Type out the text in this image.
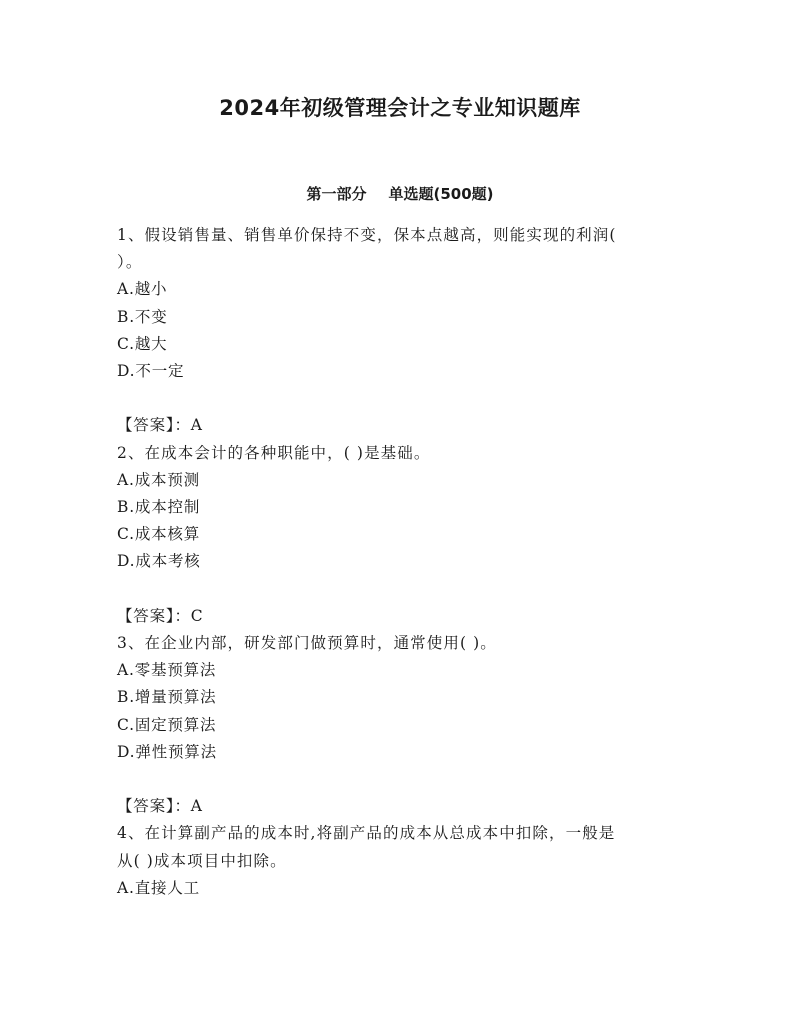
2024年初级管理会计之专业知识题库
第一部分 单选题(500题)

1、假设销售量、销售单价保持不变，保本点越高，则能实现的利润(

）。

A.越小

B.不变

C.越大

D.不一定

【答案】：A

2、在成本会计的各种职能中，( )是基础。

A.成本预测

B.成本控制

C.成本核算

D.成本考核

【答案】：C

3、在企业内部，研发部门做预算时，通常使用( )。

A.零基预算法

B.增量预算法

C.固定预算法

D.弹性预算法

【答案】：A

4、在计算副产品的成本时,将副产品的成本从总成本中扣除，一般是

从( )成本项目中扣除。

A.直接人工
